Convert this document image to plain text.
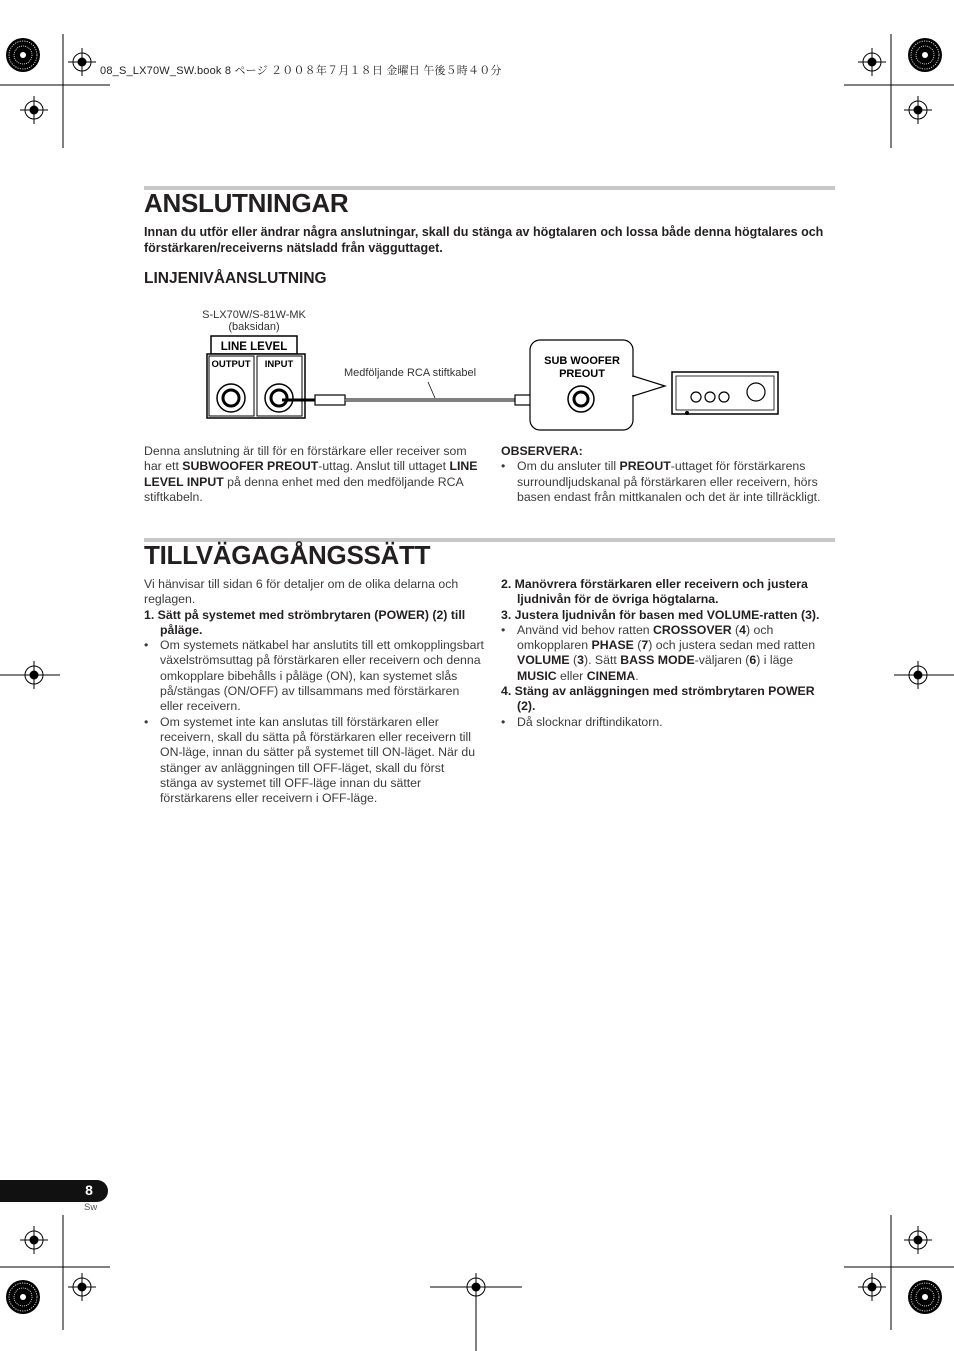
08_S_LX70W_SW.book 8 ページ ２００８年７月１８日 金曜日 午後５時４０分
ANSLUTNINGAR
Innan du utför eller ändrar några anslutningar, skall du stänga av högtalaren och lossa både denna högtalares och förstärkaren/receiverns nätsladd från vägguttaget.
LINJENIVÅANSLUTNING
S-LX70W/S-81W-MK
(baksidan)
LINE LEVEL
OUTPUT INPUT
Medföljande RCA stiftkabel
SUB WOOFER
PREOUT

Denna anslutning är till för en förstärkare eller receiver som har ett SUBWOOFER PREOUT-uttag. Anslut till uttaget LINE LEVEL INPUT på denna enhet med den medföljande RCA stiftkabeln.

OBSERVERA:

• Om du ansluter till PREOUT-uttaget för förstärkarens surroundljudskanal på förstärkaren eller receivern, hörs basen endast från mittkanalen och det är inte tillräckligt.

TILLVÄGAGÅNGSSÄTT

Vi hänvisar till sidan 6 för detaljer om de olika delarna och reglagen.

1. Sätt på systemet med strömbrytaren (POWER) (2) till påläge.

• Om systemets nätkabel har anslutits till ett omkopplingsbart växelströmsuttag på förstärkaren eller receivern och denna omkopplare bibehålls i påläge (ON), kan systemet slås på/stängas (ON/OFF) av tillsammans med förstärkaren eller receivern.

• Om systemet inte kan anslutas till förstärkaren eller receivern, skall du sätta på förstärkaren eller receivern till ON-läge, innan du sätter på systemet till ON-läget. När du stänger av anläggningen till OFF-läget, skall du först stänga av systemet till OFF-läge innan du sätter förstärkarens eller receivern i OFF-läge.

2. Manövrera förstärkaren eller receivern och justera ljudnivån för de övriga högtalarna.

3. Justera ljudnivån för basen med VOLUME-ratten (3).

• Använd vid behov ratten CROSSOVER (4) och omkopplaren PHASE (7) och justera sedan med ratten VOLUME (3). Sätt BASS MODE-väljaren (6) i läge MUSIC eller CINEMA.

4. Stäng av anläggningen med strömbrytaren POWER (2).

• Då slocknar driftindikatorn.

8
Sw
